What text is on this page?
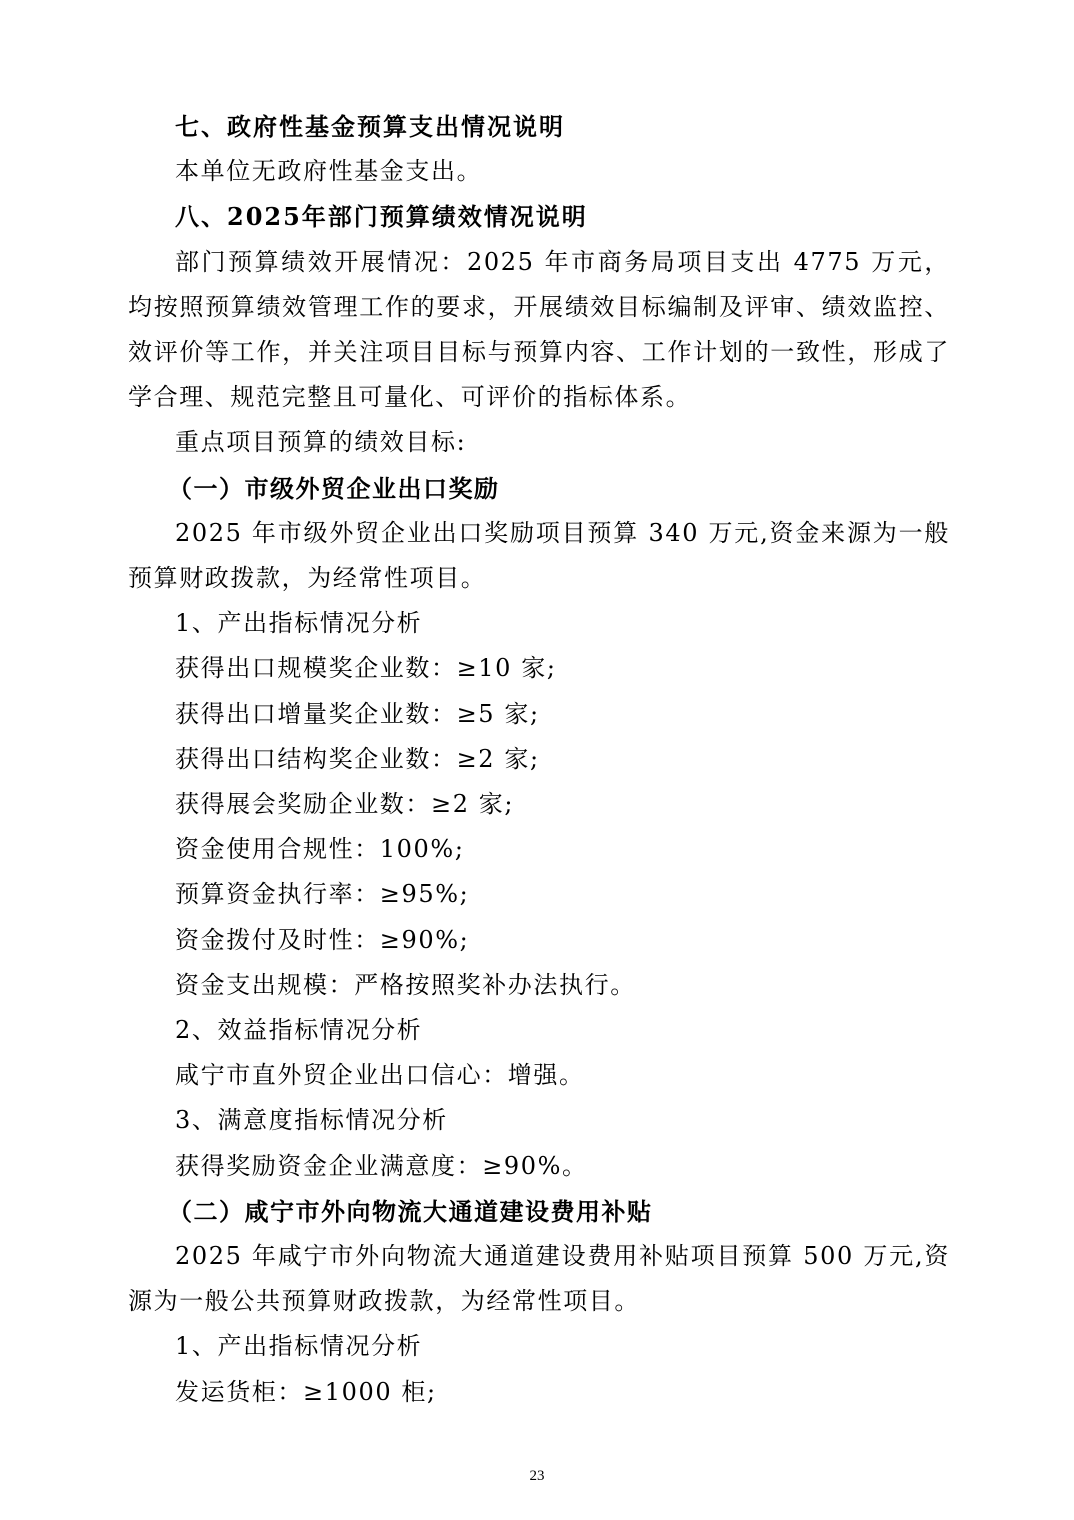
七、政府性基金预算支出情况说明
本单位无政府性基金支出。
八、2025年部门预算绩效情况说明
部门预算绩效开展情况：2025 年市商务局项目支出 4775 万元，
均按照预算绩效管理工作的要求，开展绩效目标编制及评审、绩效监控、
效评价等工作，并关注项目目标与预算内容、工作计划的一致性，形成了
学合理、规范完整且可量化、可评价的指标体系。
重点项目预算的绩效目标:
（一）市级外贸企业出口奖励
2025 年市级外贸企业出口奖励项目预算 340 万元,资金来源为一般
预算财政拨款，为经常性项目。
1、产出指标情况分析
获得出口规模奖企业数：≥10 家;
获得出口增量奖企业数：≥5 家;
获得出口结构奖企业数：≥2 家;
获得展会奖励企业数：≥2 家;
资金使用合规性：100%;
预算资金执行率：≥95%;
资金拨付及时性：≥90%;
资金支出规模：严格按照奖补办法执行。
2、效益指标情况分析
咸宁市直外贸企业出口信心：增强。
3、满意度指标情况分析
获得奖励资金企业满意度：≥90%。
（二）咸宁市外向物流大通道建设费用补贴
2025 年咸宁市外向物流大通道建设费用补贴项目预算 500 万元,资
源为一般公共预算财政拨款，为经常性项目。
1、产出指标情况分析
发运货柜：≥1000 柜;
23
